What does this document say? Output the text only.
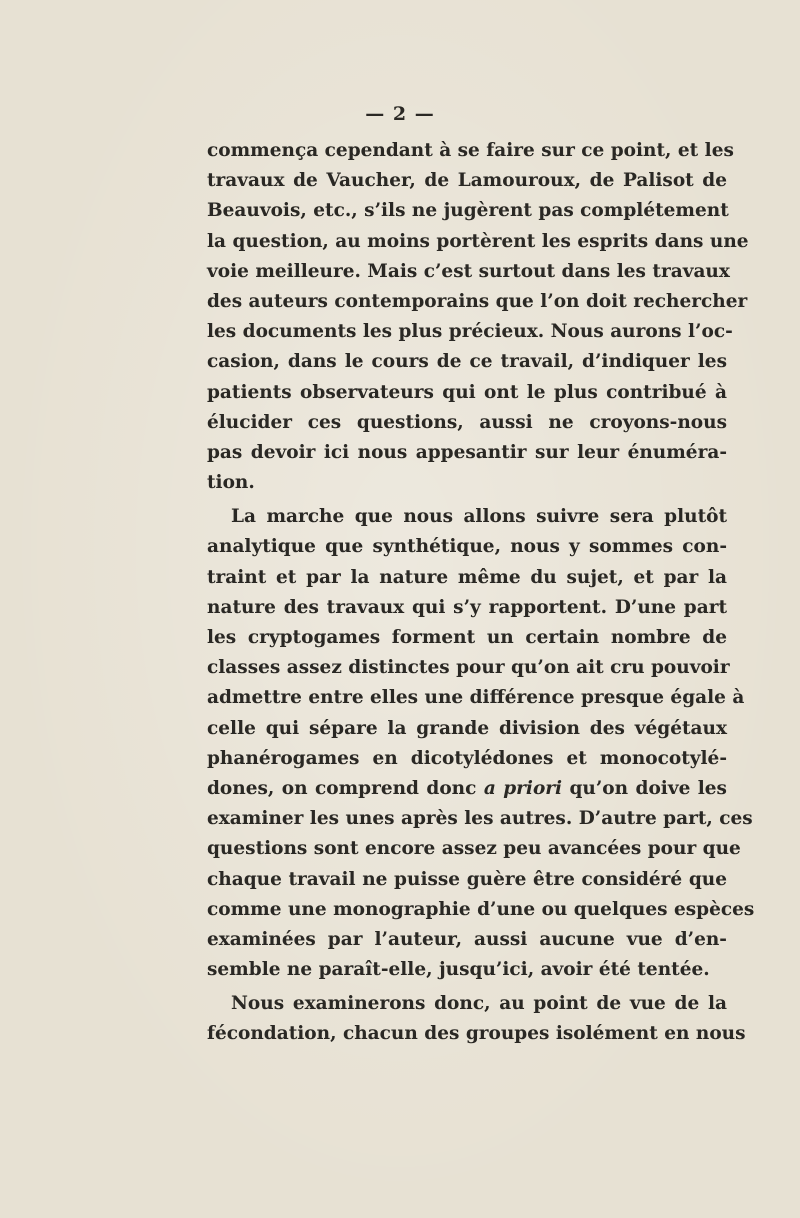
— 2 —
commença cependant à se faire sur ce point, et les
travaux de Vaucher, de Lamouroux, de Palisot de
Beauvois, etc., s’ils ne jugèrent pas complétement
la question, au moins portèrent les esprits dans une
voie meilleure. Mais c’est surtout dans les travaux
des auteurs contemporains que l’on doit rechercher
les documents les plus précieux. Nous aurons l’oc-
casion, dans le cours de ce travail, d’indiquer les
patients observateurs qui ont le plus contribué à
élucider ces questions, aussi ne croyons-nous
pas devoir ici nous appesantir sur leur énuméra-
tion.
La marche que nous allons suivre sera plutôt
analytique que synthétique, nous y sommes con-
traint et par la nature même du sujet, et par la
nature des travaux qui s’y rapportent. D’une part
les cryptogames forment un certain nombre de
classes assez distinctes pour qu’on ait cru pouvoir
admettre entre elles une différence presque égale à
celle qui sépare la grande division des végétaux
phanérogames en dicotylédones et monocotylé-
dones, on comprend donc a priori qu’on doive les
examiner les unes après les autres. D’autre part, ces
questions sont encore assez peu avancées pour que
chaque travail ne puisse guère être considéré que
comme une monographie d’une ou quelques espèces
examinées par l’auteur, aussi aucune vue d’en-
semble ne paraît-elle, jusqu’ici, avoir été tentée.
Nous examinerons donc, au point de vue de la
fécondation, chacun des groupes isolément en nous
